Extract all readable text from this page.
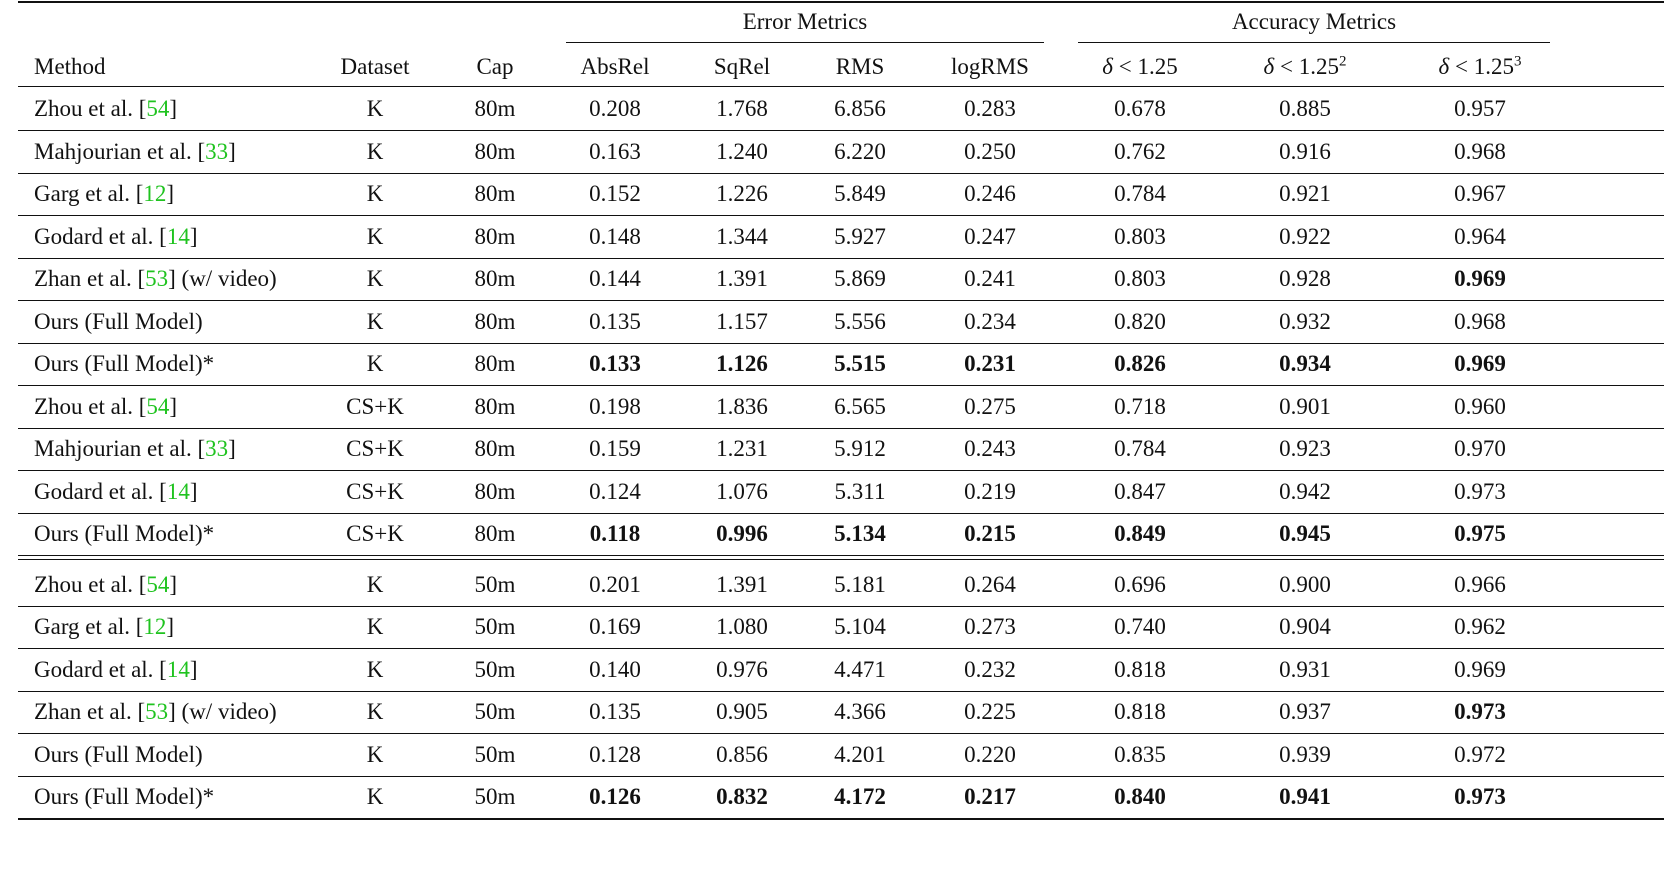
Error Metrics	Accuracy Metrics
Method	Dataset	Cap	AbsRel	SqRel	RMS	logRMS	δ < 1.25	$\delta < 1.25^2$	$\delta < 1.25^3$
Zhou et al. [54]	K	80m	0.208	1.768	6.856	0.283	0.678	0.885	0.957
Mahjourian et al. [33]	K	80m	0.163	1.240	6.220	0.250	0.762	0.916	0.968
Garg et al. [12]	K	80m	0.152	1.226	5.849	0.246	0.784	0.921	0.967
Godard et al. [14]	K	80m	0.148	1.344	5.927	0.247	0.803	0.922	0.964
Zhan et al. [53] (w/ video)	K	80m	0.144	1.391	5.869	0.241	0.803	0.928	0.969
Ours (Full Model)	K	80m	0.135	1.157	5.556	0.234	0.820	0.932	0.968
Ours (Full Model)*	K	80m	0.133	1.126	5.515	0.231	0.826	0.934	0.969
Zhou et al. [54]	CS+K	80m	0.198	1.836	6.565	0.275	0.718	0.901	0.960
Mahjourian et al. [33]	CS+K	80m	0.159	1.231	5.912	0.243	0.784	0.923	0.970
Godard et al. [14]	CS+K	80m	0.124	1.076	5.311	0.219	0.847	0.942	0.973
Ours (Full Model)*	CS+K	80m	0.118	0.996	5.134	0.215	0.849	0.945	0.975
Zhou et al. [54]	K	50m	0.201	1.391	5.181	0.264	0.696	0.900	0.966
Garg et al. [12]	K	50m	0.169	1.080	5.104	0.273	0.740	0.904	0.962
Godard et al. [14]	K	50m	0.140	0.976	4.471	0.232	0.818	0.931	0.969
Zhan et al. [53] (w/ video)	K	50m	0.135	0.905	4.366	0.225	0.818	0.937	0.973
Ours (Full Model)	K	50m	0.128	0.856	4.201	0.220	0.835	0.939	0.972
Ours (Full Model)*	K	50m	0.126	0.832	4.172	0.217	0.840	0.941	0.973
